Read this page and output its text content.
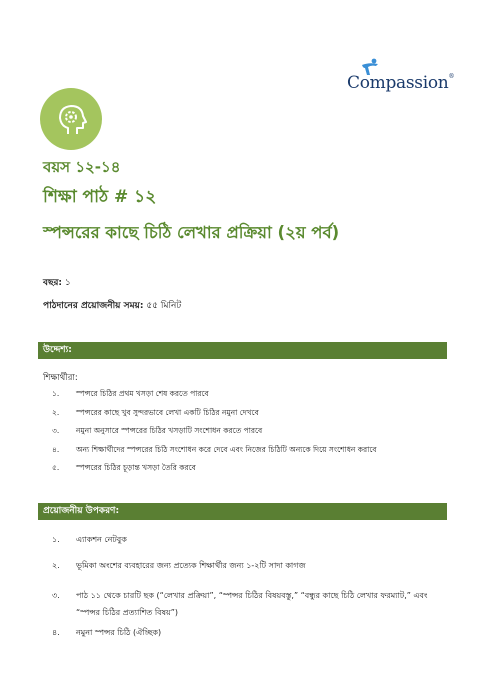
Compassion®
বয়স ১২-১৪
শিক্ষা পাঠ # ১২
স্পন্সরের কাছে চিঠি লেখার প্রক্রিয়া (২য় পর্ব)
বছর: ১
পাঠদানের প্রয়োজনীয় সময়: ৫৫ মিনিট
উদ্দেশ্য:
শিক্ষার্থীরা:
১. স্পন্সরে চিঠির প্রথম খসড়া শেষ করতে পারবে
২. স্পন্সরের কাছে খুব সুন্দরভাবে লেখা একটি চিঠির নমুনা দেখবে
৩. নমুনা অনুসারে স্পন্সরের চিঠির খসড়াটি সংশোধন করতে পারবে
৪. অন্য শিক্ষার্থীদের স্পন্সরের চিঠি সংশোধন করে দেবে এবং নিজের চিঠিটি অন্যকে দিয়ে সংশোধন করাবে
৫. স্পন্সরের চিঠির চূড়ান্ত খসড়া তৈরি করবে
প্রয়োজনীয় উপকরণ:
১. এ্যাকশন নেটবুক
২. ভূমিকা অংশের ব্যবহারের জন্য প্রত্যেক শিক্ষার্থীর জন্য ১-২টি সাদা কাগজ
৩. পাঠ ১১ থেকে চারটি ছক (“লেখার প্রক্রিয়া”, “স্পন্সর চিঠির বিষয়বস্তু,” “বন্ধুর কাছে চিঠি লেখার ফরম্যাট,” এবং “স্পন্সর চিঠির প্রত্যাশিত বিষয়”)
৪. নমুনা স্পন্সর চিঠি (ঐচ্ছিক)
